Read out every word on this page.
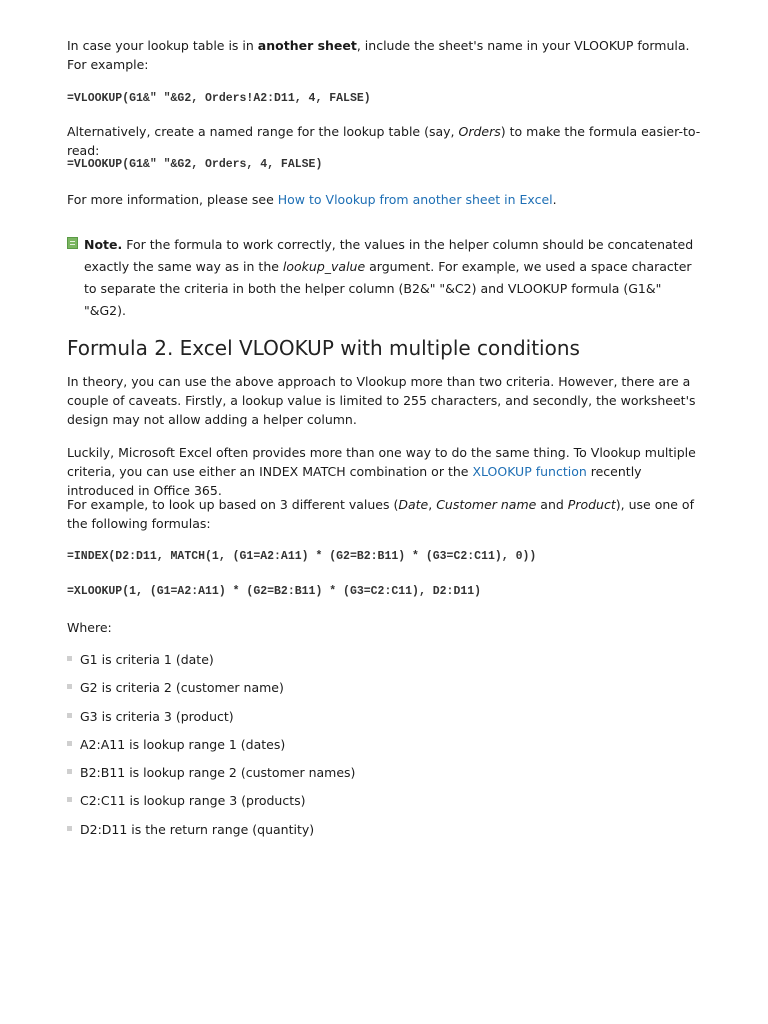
In case your lookup table is in another sheet, include the sheet's name in your VLOOKUP formula. For example:

=VLOOKUP(G1&" "&G2, Orders!A2:D11, 4, FALSE)

Alternatively, create a named range for the lookup table (say, Orders) to make the formula easier-to-read:

=VLOOKUP(G1&" "&G2, Orders, 4, FALSE)

For more information, please see How to Vlookup from another sheet in Excel.

Note. For the formula to work correctly, the values in the helper column should be concatenated exactly the same way as in the lookup_value argument. For example, we used a space character to separate the criteria in both the helper column (B2&" "&C2) and VLOOKUP formula (G1&" "&G2).

Formula 2. Excel VLOOKUP with multiple conditions

In theory, you can use the above approach to Vlookup more than two criteria. However, there are a couple of caveats. Firstly, a lookup value is limited to 255 characters, and secondly, the worksheet's design may not allow adding a helper column.

Luckily, Microsoft Excel often provides more than one way to do the same thing. To Vlookup multiple criteria, you can use either an INDEX MATCH combination or the XLOOKUP function recently introduced in Office 365.

For example, to look up based on 3 different values (Date, Customer name and Product), use one of the following formulas:

=INDEX(D2:D11, MATCH(1, (G1=A2:A11) * (G2=B2:B11) * (G3=C2:C11), 0))

=XLOOKUP(1, (G1=A2:A11) * (G2=B2:B11) * (G3=C2:C11), D2:D11)

Where:

G1 is criteria 1 (date)
G2 is criteria 2 (customer name)
G3 is criteria 3 (product)
A2:A11 is lookup range 1 (dates)
B2:B11 is lookup range 2 (customer names)
C2:C11 is lookup range 3 (products)
D2:D11 is the return range (quantity)
